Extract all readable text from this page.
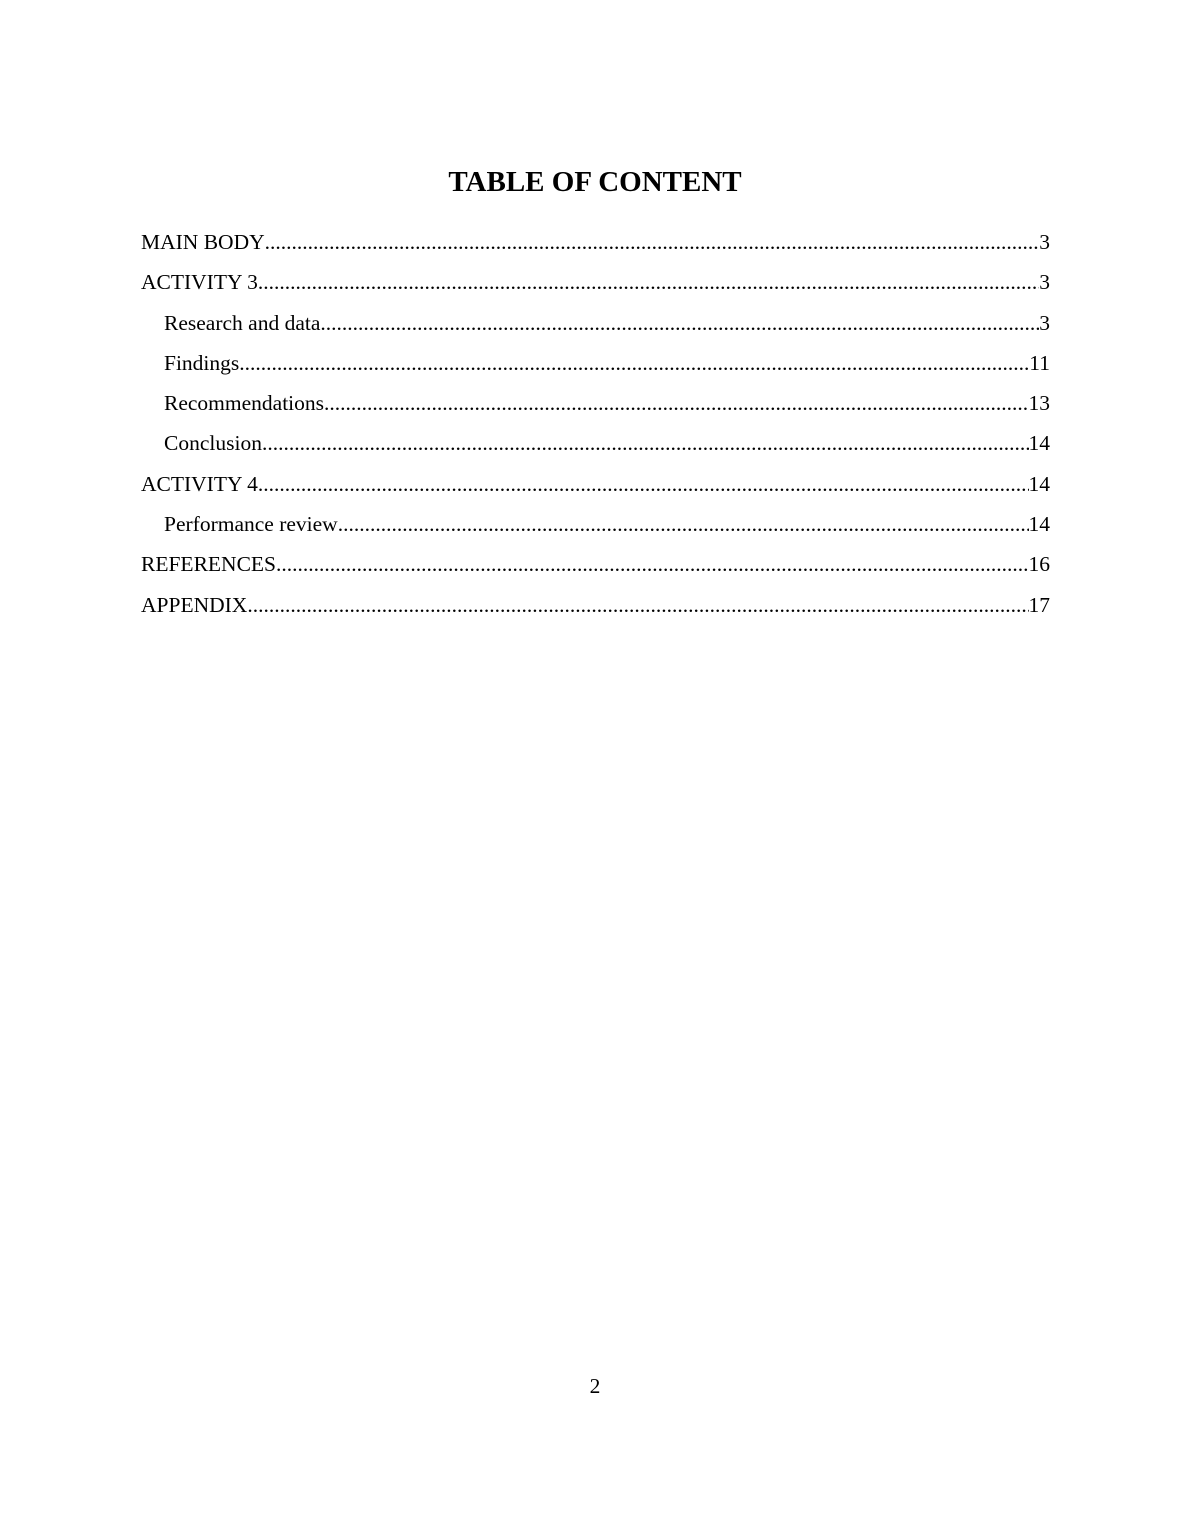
TABLE OF CONTENT
MAIN BODY .....	3
ACTIVITY 3 .....	3
Research and data .....	3
Findings .....	11
Recommendations .....	13
Conclusion .....	14
ACTIVITY 4 .....	14
Performance review .....	14
REFERENCES .....	16
APPENDIX .....	17
2
